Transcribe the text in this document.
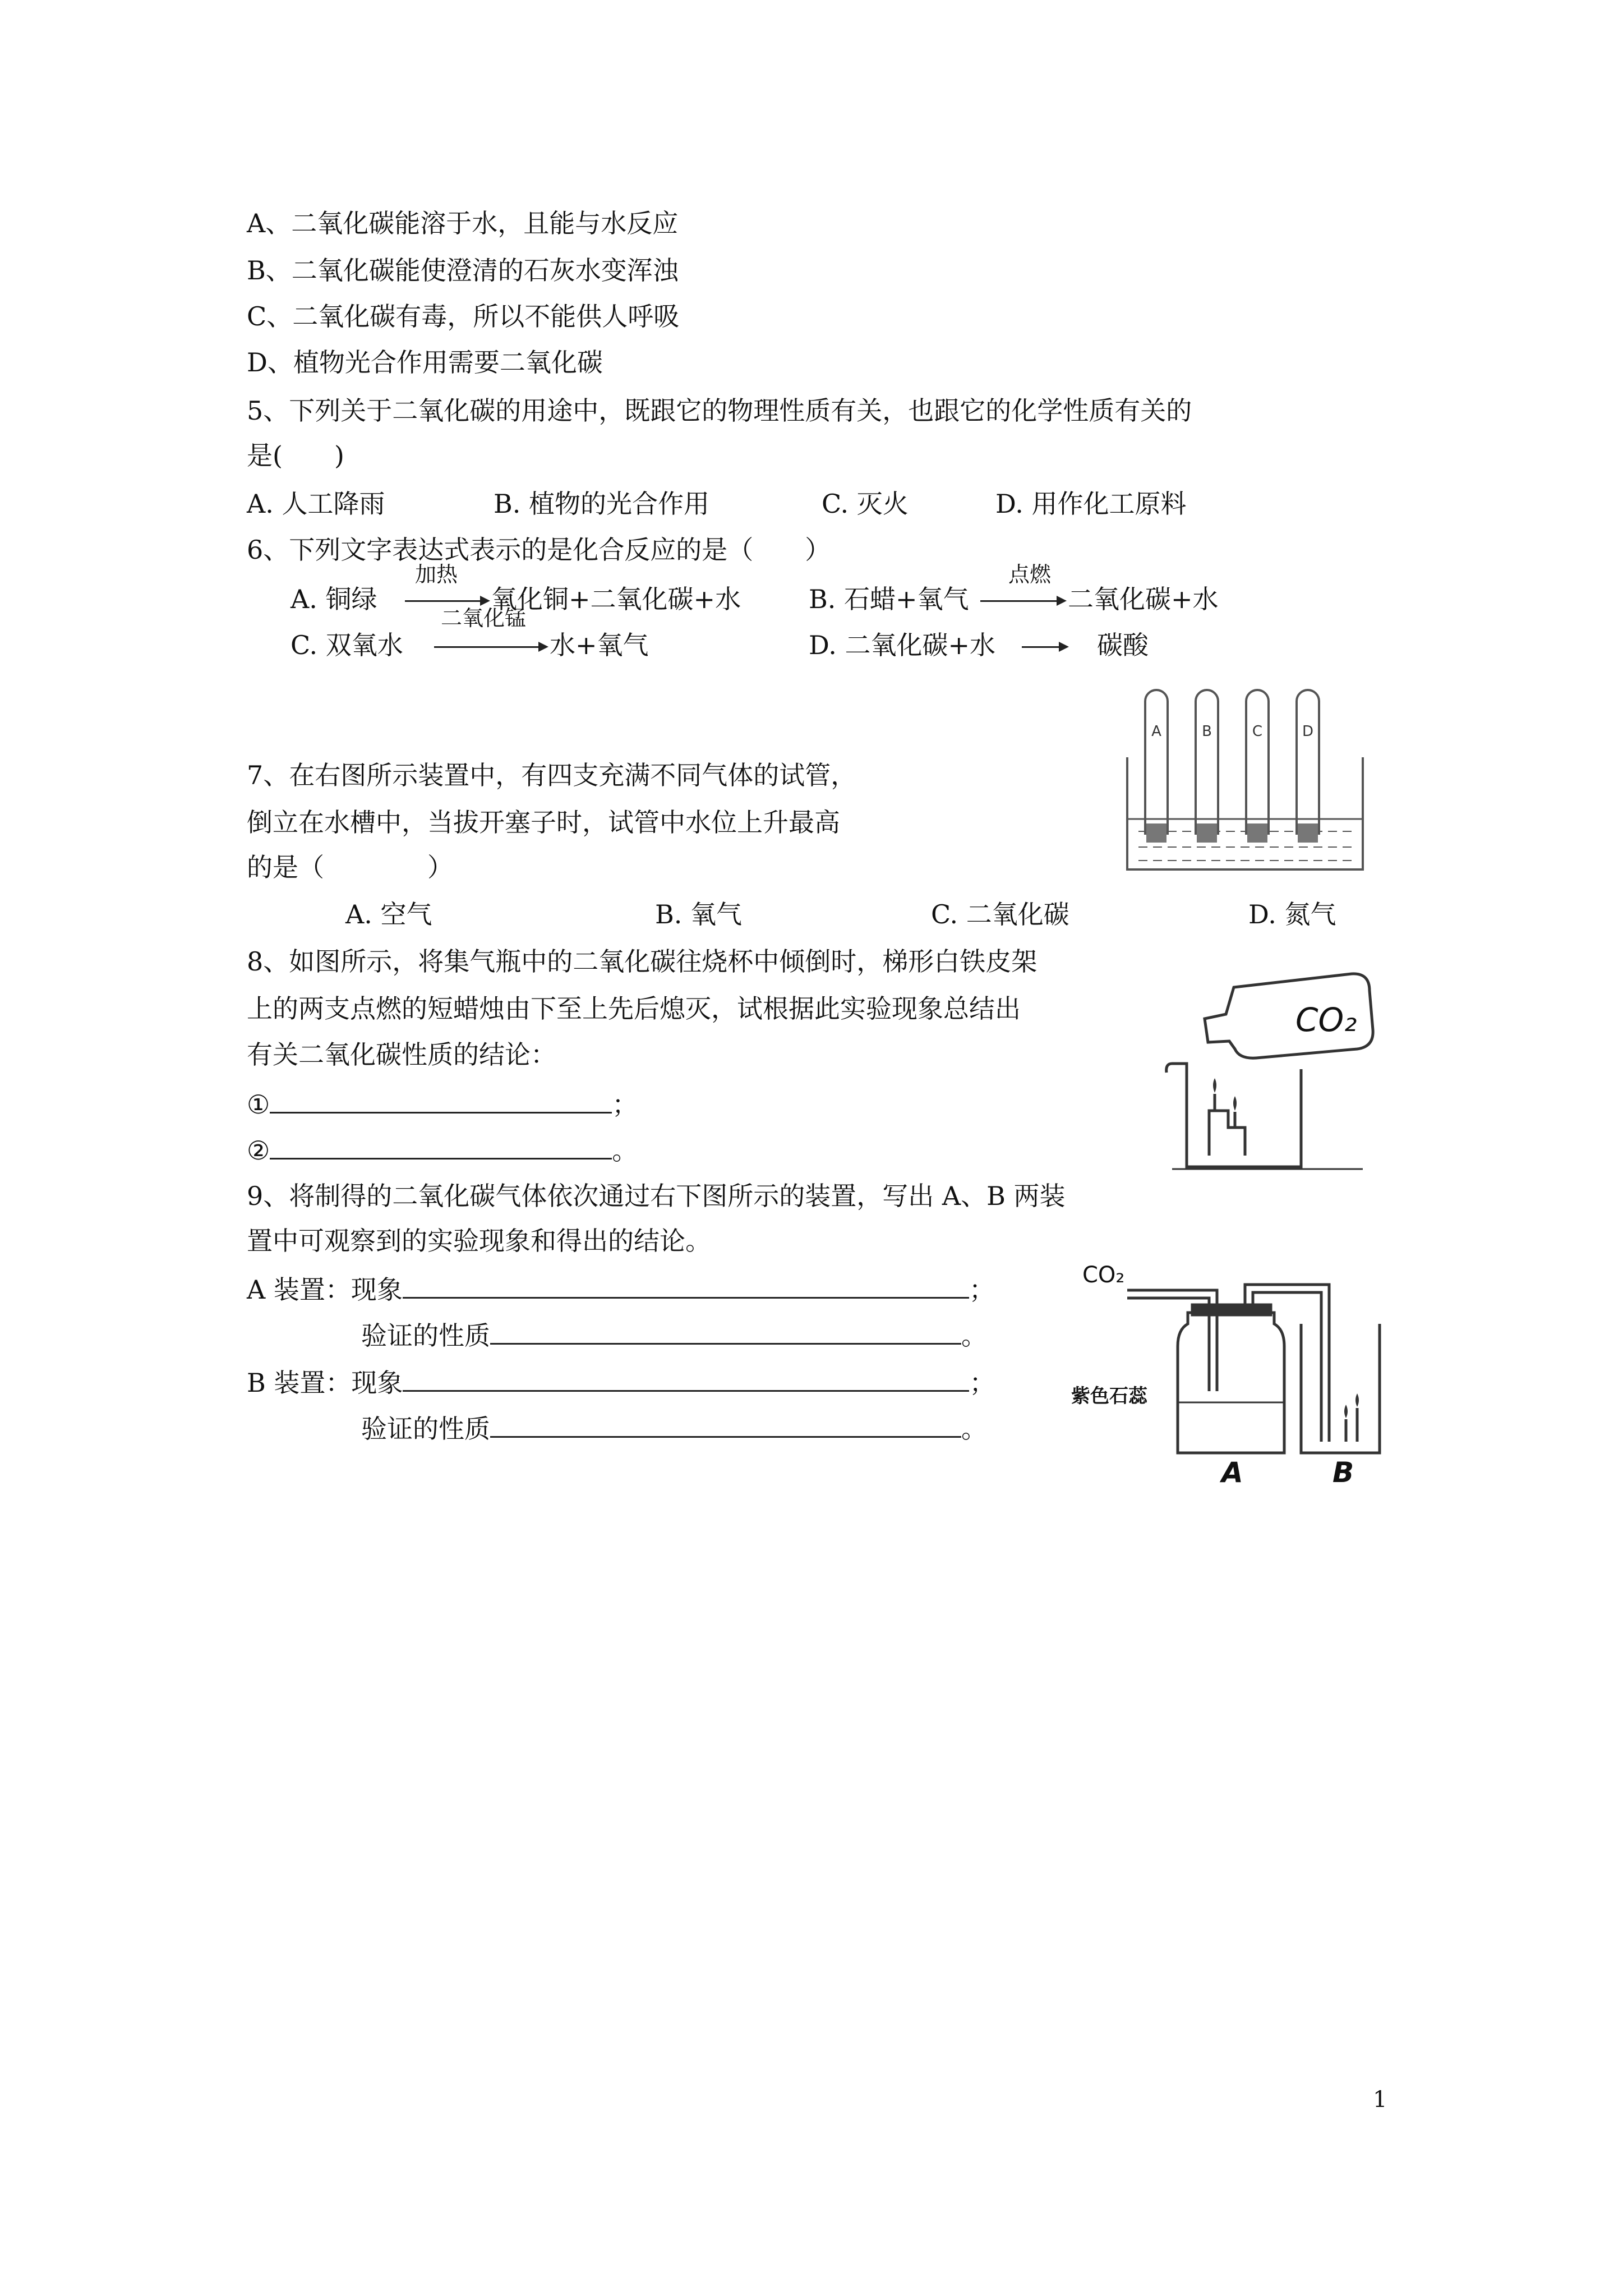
A、二氧化碳能溶于水，且能与水反应
B、二氧化碳能使澄清的石灰水变浑浊
C、二氧化碳有毒，所以不能供人呼吸
D、植物光合作用需要二氧化碳
5、下列关于二氧化碳的用途中，既跟它的物理性质有关，也跟它的化学性质有关的
是(　　)
A. 人工降雨	B. 植物的光合作用	C. 灭火	D. 用作化工原料
6、下列文字表达式表示的是化合反应的是（　　）
A. 铜绿
加热
氧化铜+二氧化碳+水	B. 石蜡+氧气
点燃
二氧化碳+水
C. 双氧水
二氧化锰
水+氧气	D. 二氧化碳+水	碳酸
7、在右图所示装置中，有四支充满不同气体的试管，
倒立在水槽中，当拔开塞子时，试管中水位上升最高
的是（　　　　）
A. 空气	B. 氧气	C. 二氧化碳	D. 氮气
A	B	C	D
8、如图所示，将集气瓶中的二氧化碳往烧杯中倾倒时，梯形白铁皮架
上的两支点燃的短蜡烛由下至上先后熄灭，试根据此实验现象总结出
有关二氧化碳性质的结论：
①	；
②	。
CO₂
9、将制得的二氧化碳气体依次通过右下图所示的装置，写出 A、B 两装
置中可观察到的实验现象和得出的结论。
A 装置：现象	；
验证的性质	。
B 装置：现象	；
验证的性质	。
CO₂
紫色石蕊
A	B
1
